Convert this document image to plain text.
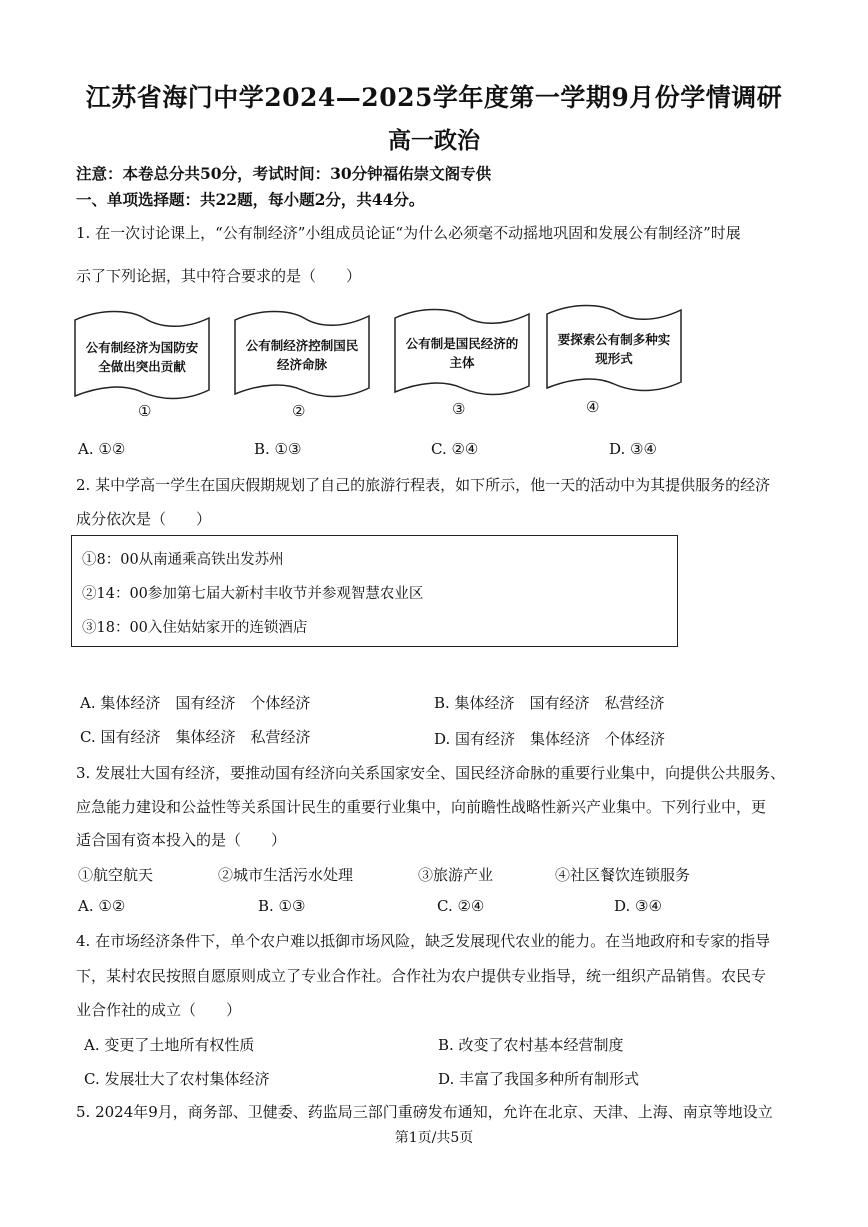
江苏省海门中学2024—2025学年度第一学期9月份学情调研
高一政治
注意：本卷总分共50分，考试时间：30分钟福佑崇文阁专供
一、单项选择题：共22题，每小题2分，共44分。
1. 在一次讨论课上，“公有制经济”小组成员论证“为什么必须毫不动摇地巩固和发展公有制经济”时展
示了下列论据，其中符合要求的是（　　）
公有制经济为国防安全做出突出贡献
公有制经济控制国民经济命脉
公有制是国民经济的主体
要探索公有制多种实现形式
①	②	③	④
A. ①②	B. ①③	C. ②④	D. ③④
2. 某中学高一学生在国庆假期规划了自己的旅游行程表，如下所示，他一天的活动中为其提供服务的经济
成分依次是（　　）
①8：00从南通乘高铁出发苏州
②14：00参加第七届大新村丰收节并参观智慧农业区
③18：00入住姑姑家开的连锁酒店
A. 集体经济　国有经济　个体经济	B. 集体经济　国有经济　私营经济
C. 国有经济　集体经济　私营经济	D. 国有经济　集体经济　个体经济
3. 发展壮大国有经济，要推动国有经济向关系国家安全、国民经济命脉的重要行业集中，向提供公共服务、
应急能力建设和公益性等关系国计民生的重要行业集中，向前瞻性战略性新兴产业集中。下列行业中，更
适合国有资本投入的是（　　）
①航空航天	②城市生活污水处理	③旅游产业	④社区餐饮连锁服务
A. ①②	B. ①③	C. ②④	D. ③④
4. 在市场经济条件下，单个农户难以抵御市场风险，缺乏发展现代农业的能力。在当地政府和专家的指导
下，某村农民按照自愿原则成立了专业合作社。合作社为农户提供专业指导，统一组织产品销售。农民专
业合作社的成立（　　）
A. 变更了土地所有权性质	B. 改变了农村基本经营制度
C. 发展壮大了农村集体经济	D. 丰富了我国多种所有制形式
5. 2024年9月，商务部、卫健委、药监局三部门重磅发布通知，允许在北京、天津、上海、南京等地设立
第1页/共5页
